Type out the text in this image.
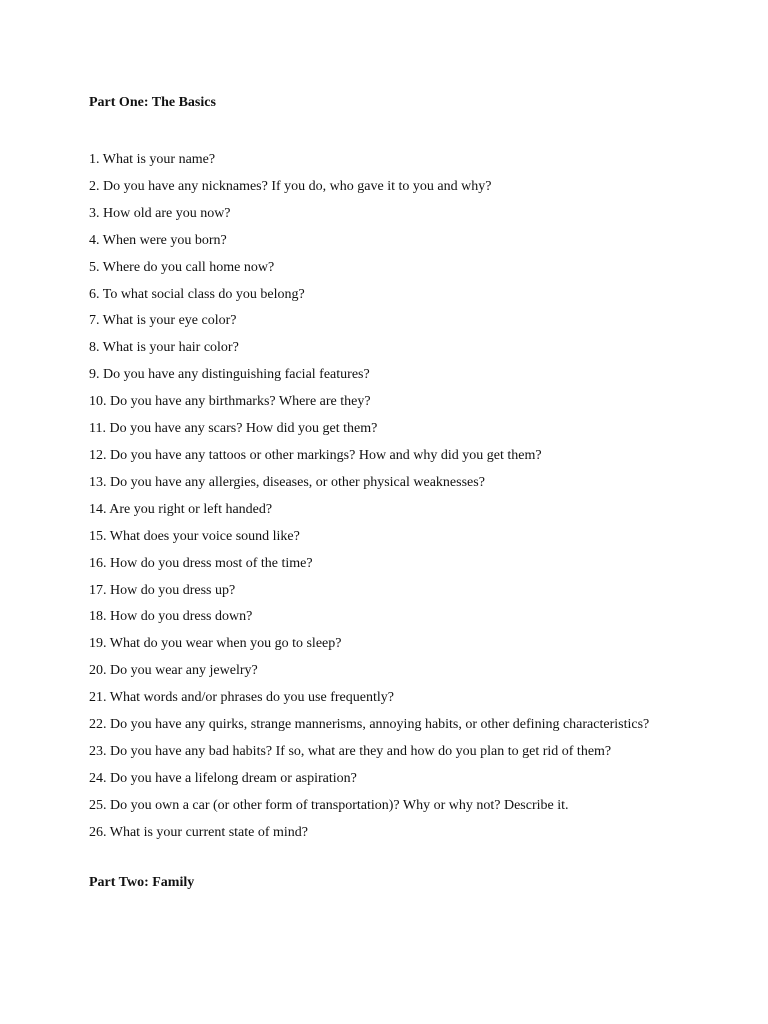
Part One: The Basics
1. What is your name?
2. Do you have any nicknames? If you do, who gave it to you and why?
3. How old are you now?
4. When were you born?
5. Where do you call home now?
6. To what social class do you belong?
7. What is your eye color?
8. What is your hair color?
9. Do you have any distinguishing facial features?
10. Do you have any birthmarks? Where are they?
11. Do you have any scars? How did you get them?
12. Do you have any tattoos or other markings? How and why did you get them?
13. Do you have any allergies, diseases, or other physical weaknesses?
14. Are you right or left handed?
15. What does your voice sound like?
16. How do you dress most of the time?
17. How do you dress up?
18. How do you dress down?
19. What do you wear when you go to sleep?
20. Do you wear any jewelry?
21. What words and/or phrases do you use frequently?
22. Do you have any quirks, strange mannerisms, annoying habits, or other defining characteristics?
23. Do you have any bad habits? If so, what are they and how do you plan to get rid of them?
24. Do you have a lifelong dream or aspiration?
25. Do you own a car (or other form of transportation)? Why or why not? Describe it.
26. What is your current state of mind?
Part Two: Family
